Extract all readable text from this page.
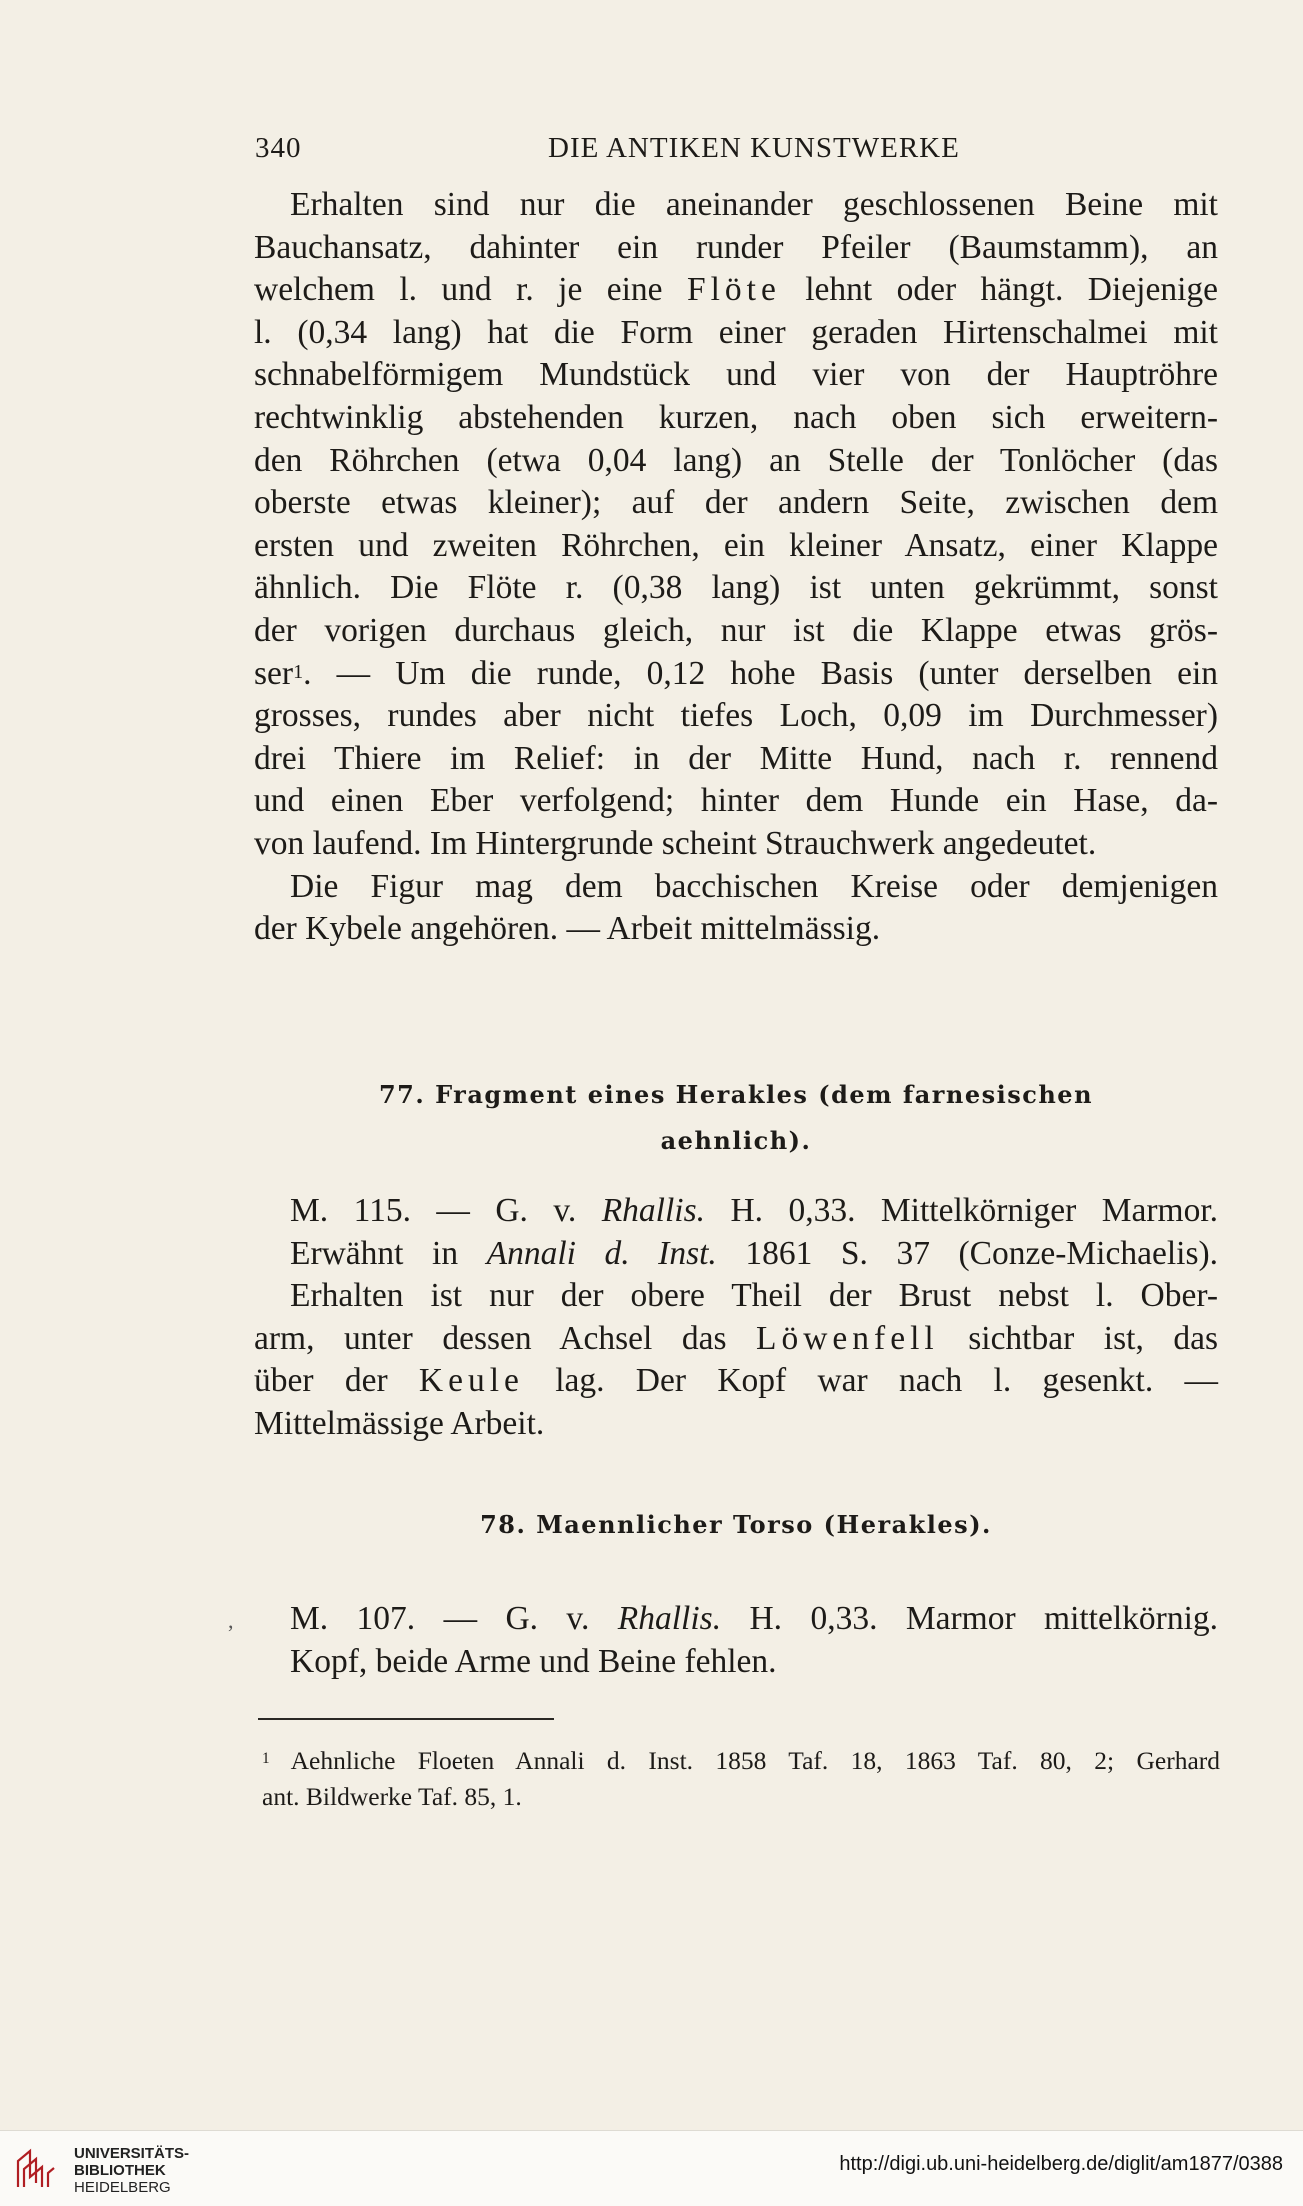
340	DIE ANTIKEN KUNSTWERKE
Erhalten sind nur die aneinander geschlossenen Beine mit
Bauchansatz, dahinter ein runder Pfeiler (Baumstamm), an
welchem l. und r. je eine Flöte lehnt oder hängt. Diejenige
l. (0,34 lang) hat die Form einer geraden Hirtenschalmei mit
schnabelförmigem Mundstück und vier von der Hauptröhre
rechtwinklig abstehenden kurzen, nach oben sich erweitern-
den Röhrchen (etwa 0,04 lang) an Stelle der Tonlöcher (das
oberste etwas kleiner); auf der andern Seite, zwischen dem
ersten und zweiten Röhrchen, ein kleiner Ansatz, einer Klappe
ähnlich. Die Flöte r. (0,38 lang) ist unten gekrümmt, sonst
der vorigen durchaus gleich, nur ist die Klappe etwas grös-
ser$^1$. — Um die runde, 0,12 hohe Basis (unter derselben ein
grosses, rundes aber nicht tiefes Loch, 0,09 im Durchmesser)
drei Thiere im Relief: in der Mitte Hund, nach r. rennend
und einen Eber verfolgend; hinter dem Hunde ein Hase, da-
von laufend. Im Hintergrunde scheint Strauchwerk angedeutet.
Die Figur mag dem bacchischen Kreise oder demjenigen
der Kybele angehören. — Arbeit mittelmässig.
77. Fragment eines Herakles (dem farnesischen
aehnlich).
M. 115. — G. v. Rhallis. H. 0,33. Mittelkörniger Marmor.
Erwähnt in Annali d. Inst. 1861 S. 37 (Conze-Michaelis).
Erhalten ist nur der obere Theil der Brust nebst l. Ober-
arm, unter dessen Achsel das Löwenfell sichtbar ist, das
über der Keule lag. Der Kopf war nach l. gesenkt. —
Mittelmässige Arbeit.
78. Maennlicher Torso (Herakles).
M. 107. — G. v. Rhallis. H. 0,33. Marmor mittelkörnig.
Kopf, beide Arme und Beine fehlen.
,
$^1$ Aehnliche Floeten Annali d. Inst. 1858 Taf. 18, 1863 Taf. 80, 2; Gerhard
ant. Bildwerke Taf. 85, 1.
UNIVERSITÄTS-
BIBLIOTHEK
HEIDELBERG
http://digi.ub.uni-heidelberg.de/diglit/am1877/0388
